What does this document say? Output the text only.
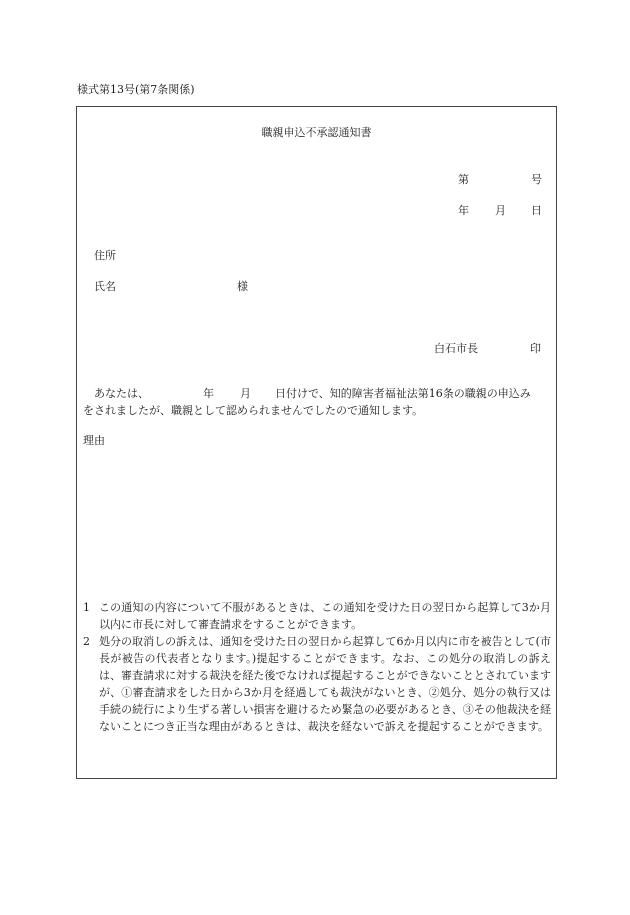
様式第13号(第7条関係)
職親申込不承認通知書
第	号
年 月 日
住所
氏名	様
白石市長	印
あなたは、	年 月 日付けで、知的障害者福祉法第16条の職親の申込み
をされましたが、職親として認められませんでしたので通知します。
理由
1 この通知の内容について不服があるときは、この通知を受けた日の翌日から起算して3か月以内に市長に対して審査請求をすることができます。
2 処分の取消しの訴えは、通知を受けた日の翌日から起算して6か月以内に市を被告として(市長が被告の代表者となります。)提起することができます。なお、この処分の取消しの訴えは、審査請求に対する裁決を経た後でなければ提起することができないこととされていますが、①審査請求をした日から3か月を経過しても裁決がないとき、②処分、処分の執行又は手続の続行により生ずる著しい損害を避けるため緊急の必要があるとき、③その他裁決を経ないことにつき正当な理由があるときは、裁決を経ないで訴えを提起することができます。
